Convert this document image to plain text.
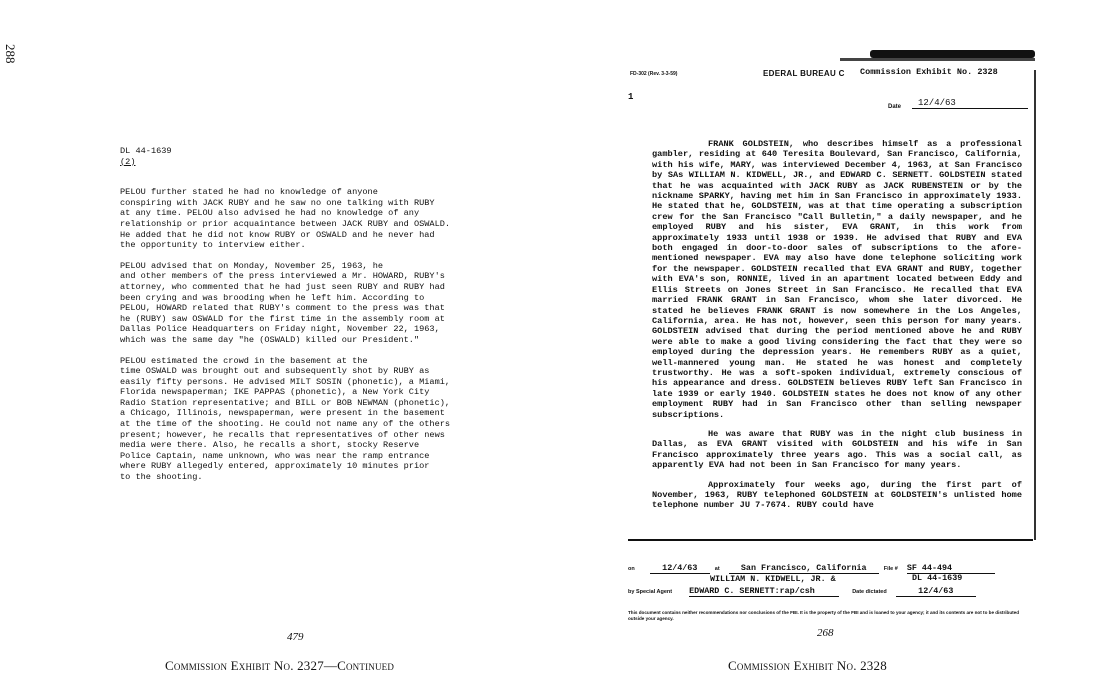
288
DL 44-1639
(2)

PELOU further stated he had no knowledge of anyone
conspiring with JACK RUBY and he saw no one talking with RUBY
at any time. PELOU also advised he had no knowledge of any
relationship or prior acquaintance between JACK RUBY and OSWALD.
He added that he did not know RUBY or OSWALD and he never had
the opportunity to interview either.

PELOU advised that on Monday, November 25, 1963, he
and other members of the press interviewed a Mr. HOWARD, RUBY's
attorney, who commented that he had just seen RUBY and RUBY had
been crying and was brooding when he left him. According to
PELOU, HOWARD related that RUBY's comment to the press was that
he (RUBY) saw OSWALD for the first time in the assembly room at
Dallas Police Headquarters on Friday night, November 22, 1963,
which was the same day "he (OSWALD) killed our President."

PELOU estimated the crowd in the basement at the
time OSWALD was brought out and subsequently shot by RUBY as
easily fifty persons. He advised MILT SOSIN (phonetic), a Miami,
Florida newspaperman; IKE PAPPAS (phonetic), a New York City
Radio Station representative; and BILL or BOB NEWMAN (phonetic),
a Chicago, Illinois, newspaperman, were present in the basement
at the time of the shooting. He could not name any of the others
present; however, he recalls that representatives of other news
media were there. Also, he recalls a short, stocky Reserve
Police Captain, name unknown, who was near the ramp entrance
where RUBY allegedly entered, approximately 10 minutes prior
to the shooting.

479
Commission Exhibit No. 2327—Continued
FD-302 (Rev. 3-3-59)	EDERAL BUREAU C Commission Exhibit No. 2328
1
Date	12/4/63

FRANK GOLDSTEIN, who describes himself as a professional gambler, residing at 640 Teresita Boulevard, San Francisco, California, with his wife, MARY, was interviewed December 4, 1963, at San Francisco by SAs WILLIAM N. KIDWELL, JR., and EDWARD C. SERNETT. GOLDSTEIN stated that he was acquainted with JACK RUBY as JACK RUBENSTEIN or by the nickname SPARKY, having met him in San Francisco in approximately 1933. He stated that he, GOLDSTEIN, was at that time operating a subscription crew for the San Francisco "Call Bulletin," a daily newspaper, and he employed RUBY and his sister, EVA GRANT, in this work from approximately 1933 until 1938 or 1939. He advised that RUBY and EVA both engaged in door-to-door sales of subscriptions to the afore-mentioned newspaper. EVA may also have done telephone soliciting work for the newspaper. GOLDSTEIN recalled that EVA GRANT and RUBY, together with EVA's son, RONNIE, lived in an apartment located between Eddy and Ellis Streets on Jones Street in San Francisco. He recalled that EVA married FRANK GRANT in San Francisco, whom she later divorced. He stated he believes FRANK GRANT is now somewhere in the Los Angeles, California, area. He has not, however, seen this person for many years. GOLDSTEIN advised that during the period mentioned above he and RUBY were able to make a good living considering the fact that they were so employed during the depression years. He remembers RUBY as a quiet, well-mannered young man. He stated he was honest and completely trustworthy. He was a soft-spoken individual, extremely conscious of his appearance and dress. GOLDSTEIN believes RUBY left San Francisco in late 1939 or early 1940. GOLDSTEIN states he does not know of any other employment RUBY had in San Francisco other than selling newspaper subscriptions.

He was aware that RUBY was in the night club business in Dallas, as EVA GRANT visited with GOLDSTEIN and his wife in San Francisco approximately three years ago. This was a social call, as apparently EVA had not been in San Francisco for many years.

Approximately four weeks ago, during the first part of November, 1963, RUBY telephoned GOLDSTEIN at GOLDSTEIN's unlisted home telephone number JU 7-7674. RUBY could have

on	12/4/63	at	San Francisco, California	File # SF 44-494
DL 44-1639
WILLIAM N. KIDWELL, JR. &
by Special Agent EDWARD C. SERNETT:rap/csh	Date dictated	12/4/63
This document contains neither recommendations nor conclusions of the FBI. It is the property of the FBI and is loaned to your agency; it and its contents are not to be distributed outside your agency.
268
Commission Exhibit No. 2328
